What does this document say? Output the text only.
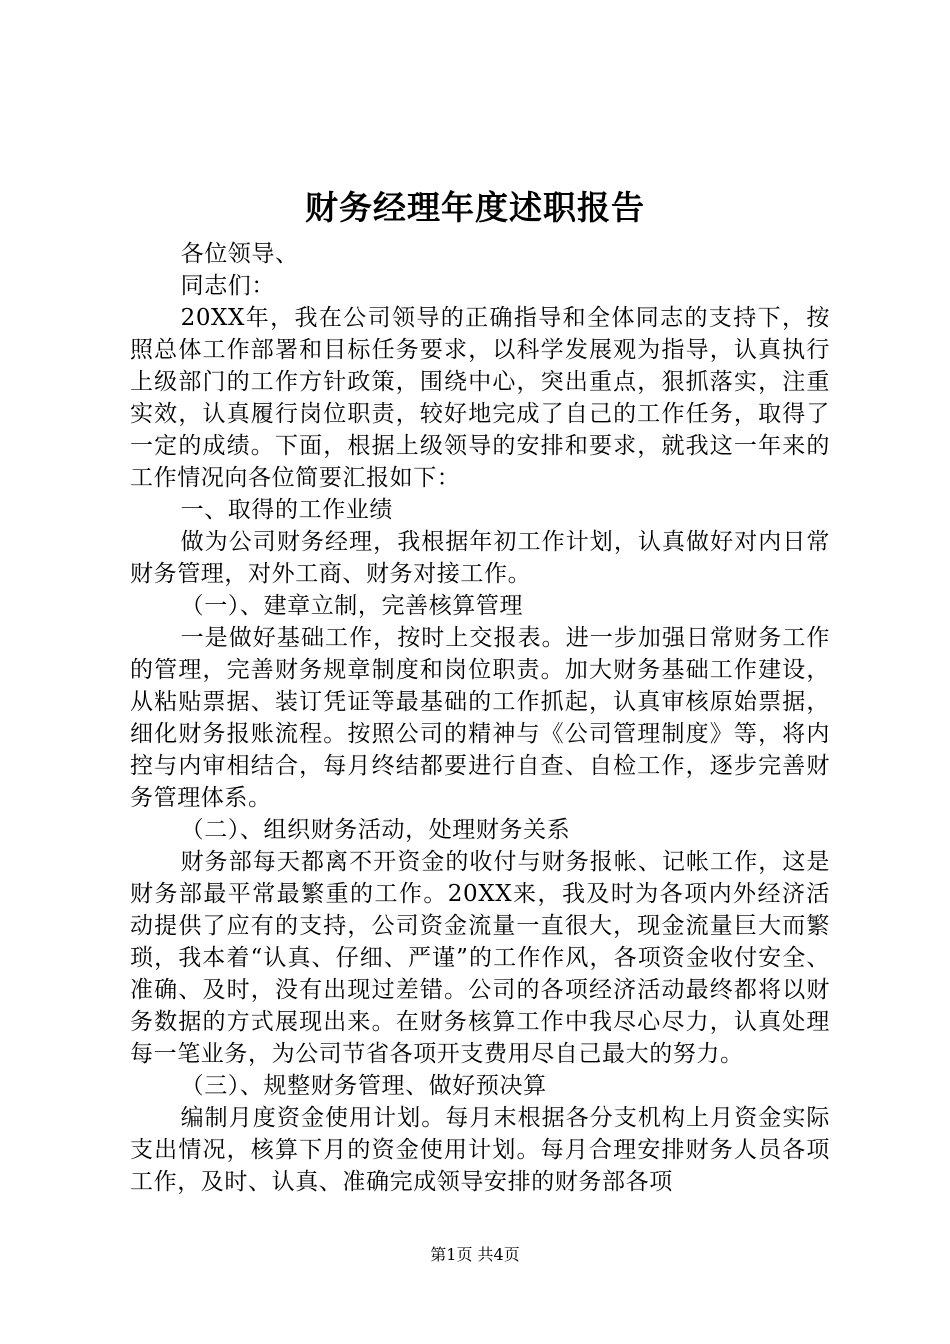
财务经理年度述职报告

各位领导、

同志们：

20XX年，我在公司领导的正确指导和全体同志的支持下，按照总体工作部署和目标任务要求，以科学发展观为指导，认真执行上级部门的工作方针政策，围绕中心，突出重点，狠抓落实，注重实效，认真履行岗位职责，较好地完成了自己的工作任务，取得了一定的成绩。下面，根据上级领导的安排和要求，就我这一年来的工作情况向各位简要汇报如下：

一、取得的工作业绩

做为公司财务经理，我根据年初工作计划，认真做好对内日常财务管理，对外工商、财务对接工作。

（一）、建章立制，完善核算管理

一是做好基础工作，按时上交报表。进一步加强日常财务工作的管理，完善财务规章制度和岗位职责。加大财务基础工作建设，从粘贴票据、装订凭证等最基础的工作抓起，认真审核原始票据，细化财务报账流程。按照公司的精神与《公司管理制度》等，将内控与内审相结合，每月终结都要进行自查、自检工作，逐步完善财务管理体系。

（二）、组织财务活动，处理财务关系

财务部每天都离不开资金的收付与财务报帐、记帐工作，这是财务部最平常最繁重的工作。20XX来，我及时为各项内外经济活动提供了应有的支持，公司资金流量一直很大，现金流量巨大而繁琐，我本着“认真、仔细、严谨”的工作作风，各项资金收付安全、准确、及时，没有出现过差错。公司的各项经济活动最终都将以财务数据的方式展现出来。在财务核算工作中我尽心尽力，认真处理每一笔业务，为公司节省各项开支费用尽自己最大的努力。

（三）、规整财务管理、做好预决算

编制月度资金使用计划。每月末根据各分支机构上月资金实际支出情况，核算下月的资金使用计划。每月合理安排财务人员各项工作，及时、认真、准确完成领导安排的财务部各项

第1页 共4页
